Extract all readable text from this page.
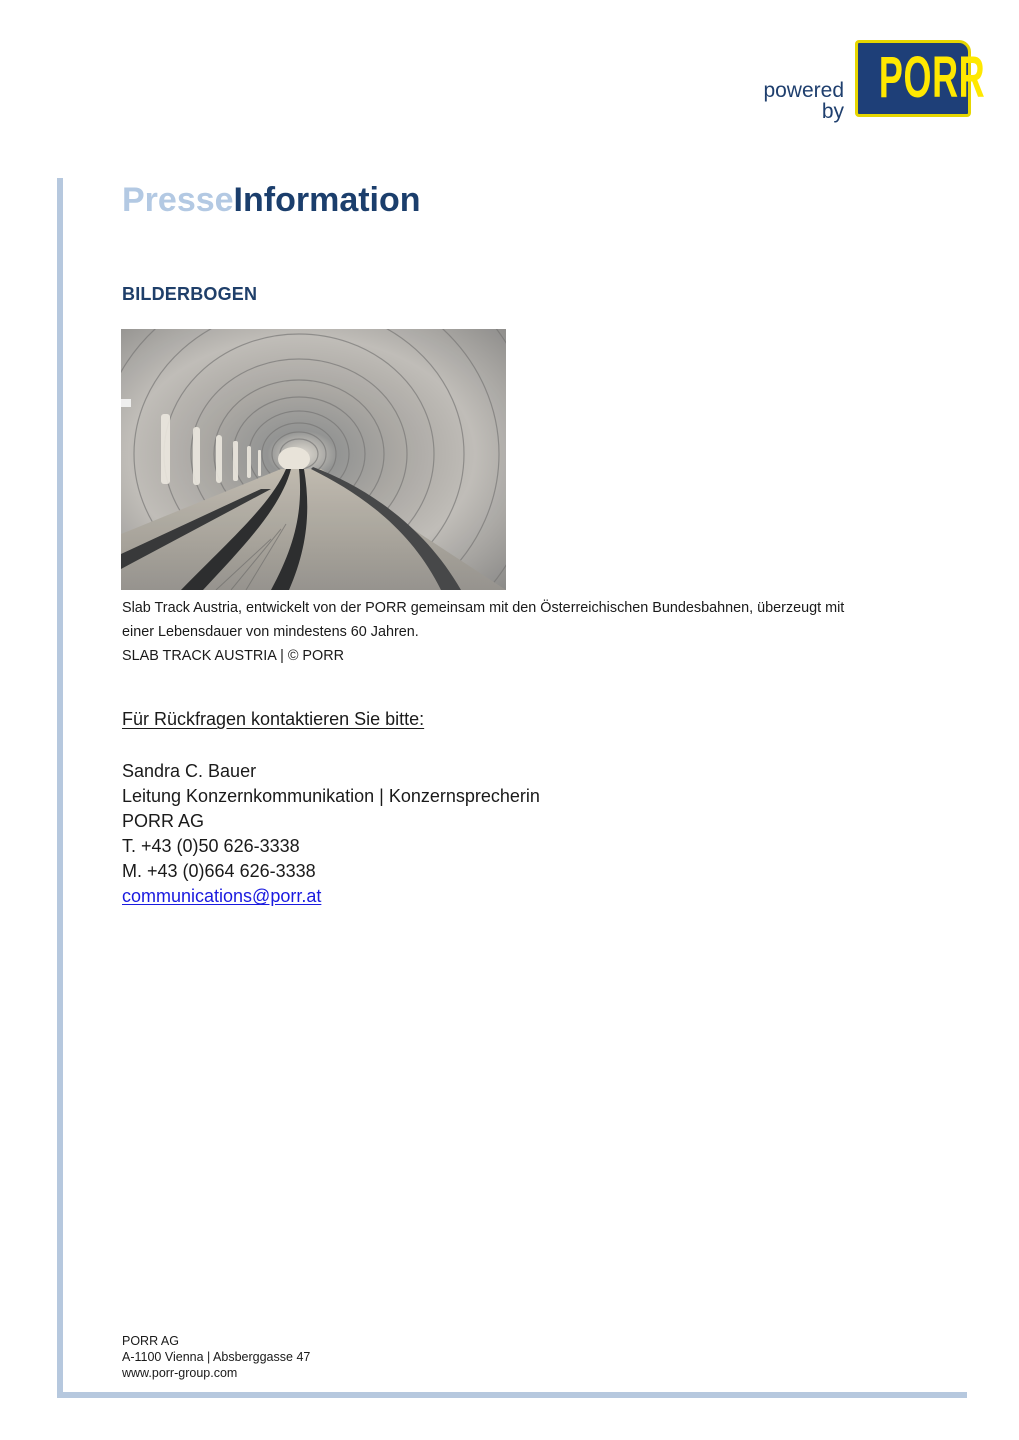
powered
by
PORR
PresseInformation
BILDERBOGEN
Slab Track Austria, entwickelt von der PORR gemeinsam mit den Österreichischen Bundesbahnen, überzeugt mit
einer Lebensdauer von mindestens 60 Jahren.
SLAB TRACK AUSTRIA | © PORR
Für Rückfragen kontaktieren Sie bitte:
Sandra C. Bauer
Leitung Konzernkommunikation | Konzernsprecherin
PORR AG
T. +43 (0)50 626-3338
M. +43 (0)664 626-3338
communications@porr.at
PORR AG
A-1100 Vienna | Absberggasse 47
www.porr-group.com
